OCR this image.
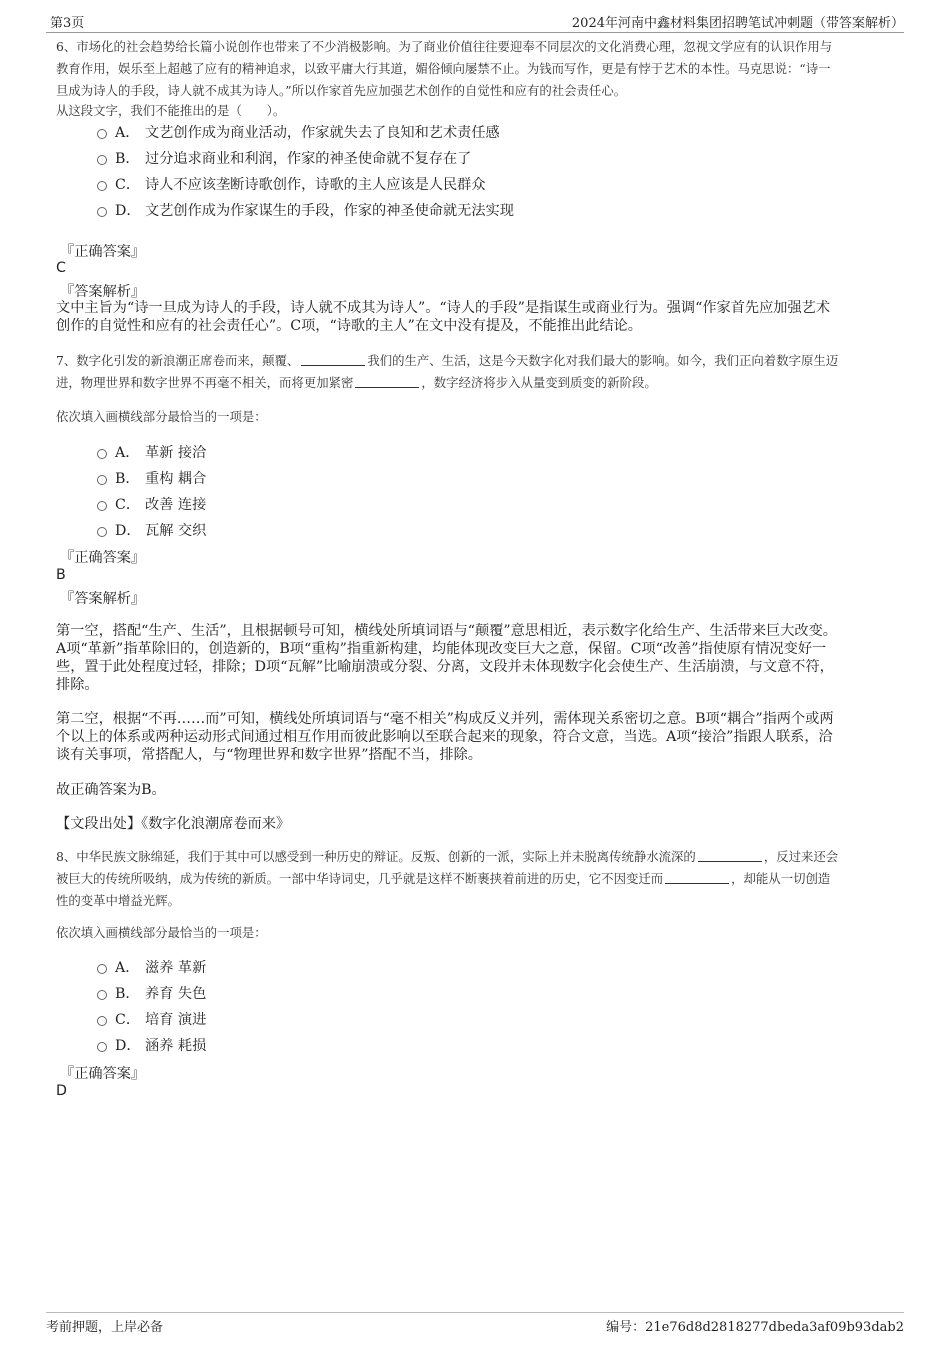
第3页	2024年河南中鑫材料集团招聘笔试冲刺题（带答案解析）

6、市场化的社会趋势给长篇小说创作也带来了不少消极影响。为了商业价值往往要迎奉不同层次的文化消费心理，忽视文学应有的认识作用与

教育作用，娱乐至上超越了应有的精神追求，以致平庸大行其道，媚俗倾向屡禁不止。为钱而写作，更是有悖于艺术的本性。马克思说：“诗一

旦成为诗人的手段，诗人就不成其为诗人。”所以作家首先应加强艺术创作的自觉性和应有的社会责任心。

从这段文字，我们不能推出的是（　　）。
A． 文艺创作成为商业活动，作家就失去了良知和艺术责任感
B． 过分追求商业和利润，作家的神圣使命就不复存在了
C． 诗人不应该垄断诗歌创作，诗歌的主人应该是人民群众
D． 文艺创作成为作家谋生的手段，作家的神圣使命就无法实现
『正确答案』
C
『答案解析』
文中主旨为“诗一旦成为诗人的手段，诗人就不成其为诗人”。“诗人的手段”是指谋生或商业行为。强调“作家首先应加强艺术
创作的自觉性和应有的社会责任心”。C项，“诗歌的主人”在文中没有提及，不能推出此结论。

7、数字化引发的新浪潮正席卷而来，颠覆、	我们的生产、生活，这是今天数字化对我们最大的影响。如今，我们正向着数字原生迈

进，物理世界和数字世界不再毫不相关，而将更加紧密	，数字经济将步入从量变到质变的新阶段。

依次填入画横线部分最恰当的一项是：
A． 革新 接洽
B． 重构 耦合
C． 改善 连接
D． 瓦解 交织
『正确答案』
B
『答案解析』
第一空，搭配“生产、生活”，且根据顿号可知，横线处所填词语与“颠覆”意思相近，表示数字化给生产、生活带来巨大改变。
A项“革新”指革除旧的，创造新的，B项“重构”指重新构建，均能体现改变巨大之意，保留。C项“改善”指使原有情况变好一
些，置于此处程度过轻，排除；D项“瓦解”比喻崩溃或分裂、分离，文段并未体现数字化会使生产、生活崩溃，与文意不符，
排除。
第二空，根据“不再……而”可知，横线处所填词语与“毫不相关”构成反义并列，需体现关系密切之意。B项“耦合”指两个或两
个以上的体系或两种运动形式间通过相互作用而彼此影响以至联合起来的现象，符合文意，当选。A项“接洽”指跟人联系，洽
谈有关事项，常搭配人，与“物理世界和数字世界”搭配不当，排除。
故正确答案为B。
【文段出处】《数字化浪潮席卷而来》

8、中华民族文脉绵延，我们于其中可以感受到一种历史的辩证。反叛、创新的一派，实际上并未脱离传统静水流深的	，反过来还会

被巨大的传统所吸纳，成为传统的新质。一部中华诗词史，几乎就是这样不断裹挟着前进的历史，它不因变迁而	，却能从一切创造

性的变革中增益光辉。

依次填入画横线部分最恰当的一项是：
A． 滋养 革新
B． 养育 失色
C． 培育 演进
D． 涵养 耗损
『正确答案』
D
考前押题，上岸必备	编号：21e76d8d2818277dbeda3af09b93dab2
